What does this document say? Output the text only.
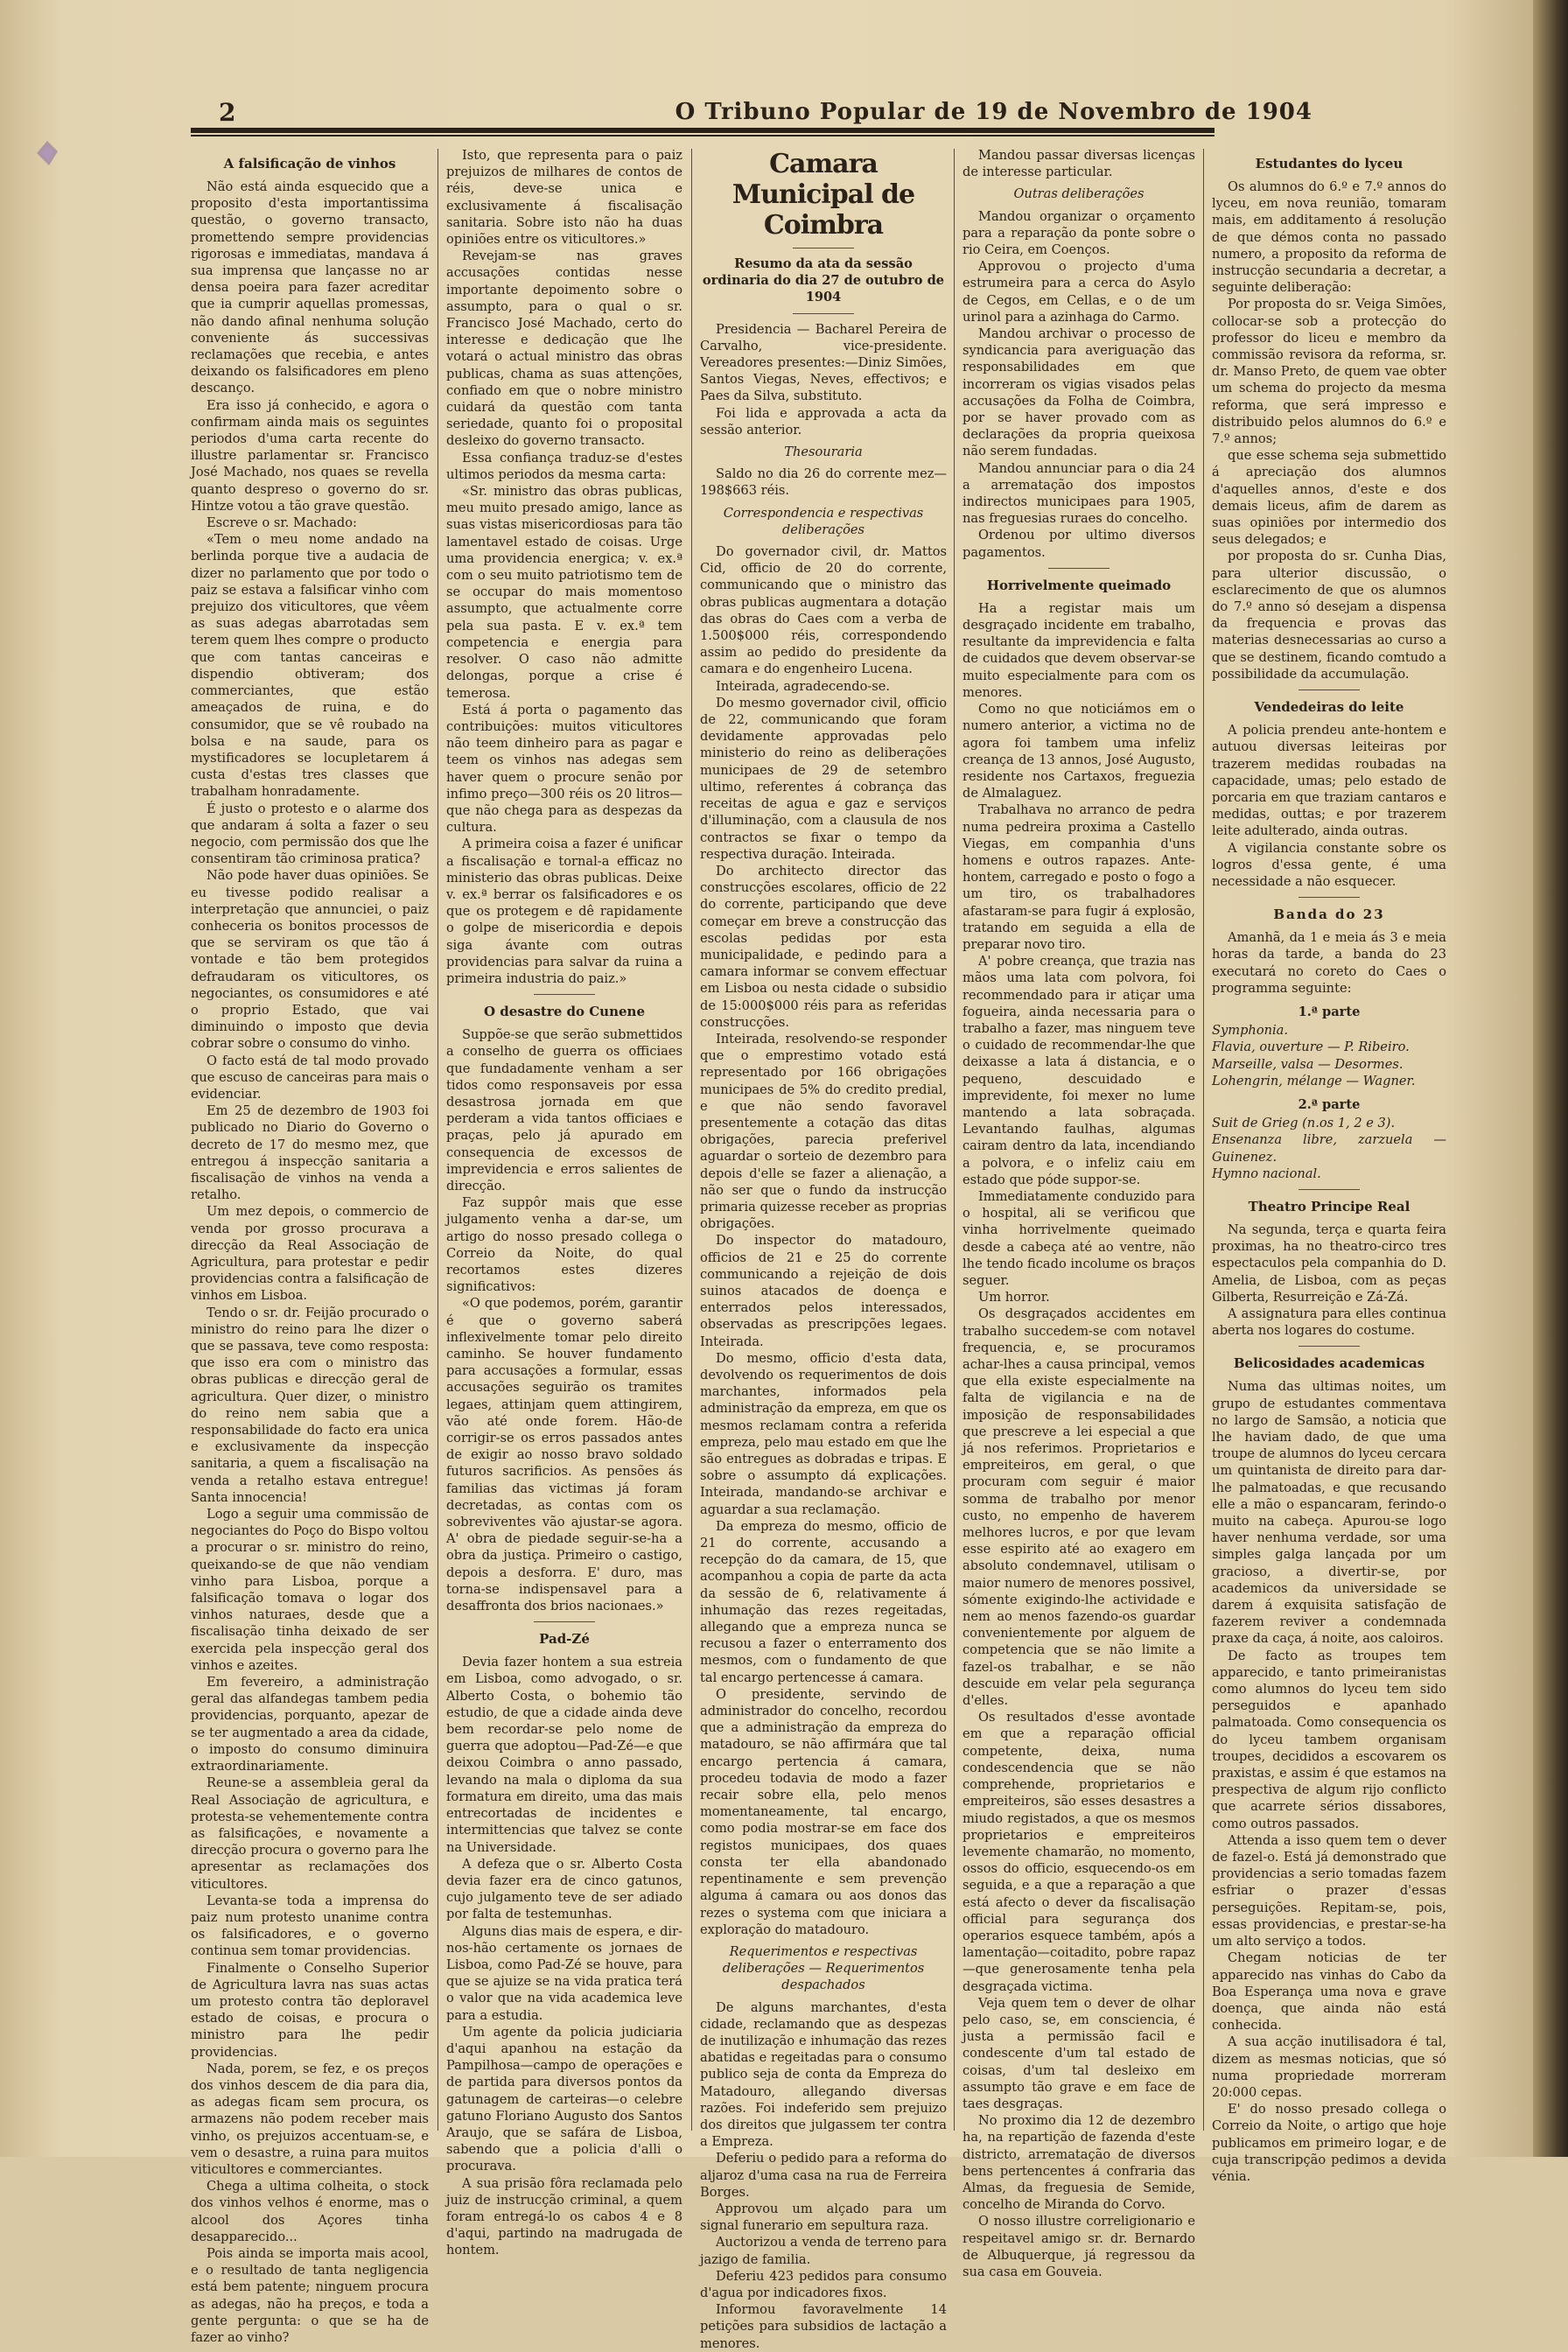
2	O Tribuno Popular de 19 de Novembro de 1904
A falsificação de vinhos

Não está ainda esquecido que a proposito d'esta importantissima questão, o governo transacto, promettendo sempre providencias rigorosas e immediatas, mandava á sua imprensa que lançasse no ar densa poeira para fazer acreditar que ia cumprir aquellas promessas, não dando afinal nenhuma solução conveniente ás successivas reclamações que recebia, e antes deixando os falsificadores em pleno descanço.

Era isso já conhecido, e agora o confirmam ainda mais os seguintes periodos d'uma carta recente do illustre parlamentar sr. Francisco José Machado, nos quaes se revella quanto despreso o governo do sr. Hintze votou a tão grave questão.

Escreve o sr. Machado:

«Tem o meu nome andado na berlinda porque tive a audacia de dizer no parlamento que por todo o paiz se estava a falsificar vinho com prejuizo dos viticultores, que vêem as suas adegas abarrotadas sem terem quem lhes compre o producto que com tantas canceiras e dispendio obtiveram; dos commerciantes, que estão ameaçados de ruina, e do consumidor, que se vê roubado na bolsa e na saude, para os mystificadores se locupletarem á custa d'estas tres classes que trabalham honradamente.

É justo o protesto e o alarme dos que andaram á solta a fazer o seu negocio, com permissão dos que lhe consentiram tão criminosa pratica?

Não pode haver duas opiniões. Se eu tivesse podido realisar a interpretação que annunciei, o paiz conheceria os bonitos processos de que se serviram os que tão á vontade e tão bem protegidos defraudaram os viticultores, os negociantes, os consumidores e até o proprio Estado, que vai diminuindo o imposto que devia cobrar sobre o consumo do vinho.

O facto está de tal modo provado que escuso de canceiras para mais o evidenciar.

Em 25 de dezembro de 1903 foi publicado no Diario do Governo o decreto de 17 do mesmo mez, que entregou á inspecção sanitaria a fiscalisação de vinhos na venda a retalho.

Um mez depois, o commercio de venda por grosso procurava a direcção da Real Associação de Agricultura, para protestar e pedir providencias contra a falsificação de vinhos em Lisboa.

Tendo o sr. dr. Feijão procurado o ministro do reino para lhe dizer o que se passava, teve como resposta: que isso era com o ministro das obras publicas e direcção geral de agricultura. Quer dizer, o ministro do reino nem sabia que a responsabilidade do facto era unica e exclusivamente da inspecção sanitaria, a quem a fiscalisação na venda a retalho estava entregue! Santa innocencia!

Logo a seguir uma commissão de negociantes do Poço do Bispo voltou a procurar o sr. ministro do reino, queixando-se de que não vendiam vinho para Lisboa, porque a falsificação tomava o logar dos vinhos naturaes, desde que a fiscalisação tinha deixado de ser exercida pela inspecção geral dos vinhos e azeites.

Em fevereiro, a administração geral das alfandegas tambem pedia providencias, porquanto, apezar de se ter augmentado a area da cidade, o imposto do consumo diminuira extraordinariamente.

Reune-se a assembleia geral da Real Associação de agricultura, e protesta-se vehementemente contra as falsificações, e novamente a direcção procura o governo para lhe apresentar as reclamações dos viticultores.

Levanta-se toda a imprensa do paiz num protesto unanime contra os falsificadores, e o governo continua sem tomar providencias.

Finalmente o Conselho Superior de Agricultura lavra nas suas actas um protesto contra tão deploravel estado de coisas, e procura o ministro para lhe pedir providencias.

Nada, porem, se fez, e os preços dos vinhos descem de dia para dia, as adegas ficam sem procura, os armazens não podem receber mais vinho, os prejuizos accentuam-se, e vem o desastre, a ruina para muitos viticultores e commerciantes.

Chega a ultima colheita, o stock dos vinhos velhos é enorme, mas o alcool dos Açores tinha desapparecido...

Pois ainda se importa mais acool, e o resultado de tanta negligencia está bem patente; ninguem procura as adegas, não ha preços, e toda a gente pergunta: o que se ha de fazer ao vinho?

Isto, que representa para o paiz prejuizos de milhares de contos de réis, deve-se unica e exclusivamente á fiscalisação sanitaria. Sobre isto não ha duas opiniões entre os viticultores.»

Revejam-se nas graves accusações contidas nesse importante depoimento sobre o assumpto, para o qual o sr. Francisco José Machado, certo do interesse e dedicação que lhe votará o actual ministro das obras publicas, chama as suas attenções, confiado em que o nobre ministro cuidará da questão com tanta seriedade, quanto foi o proposital desleixo do governo transacto.

Essa confiança traduz-se d'estes ultimos periodos da mesma carta:

«Sr. ministro das obras publicas, meu muito presado amigo, lance as suas vistas misericordiosas para tão lamentavel estado de coisas. Urge uma providencia energica; v. ex.ª com o seu muito patriotismo tem de se occupar do mais momentoso assumpto, que actualmente corre pela sua pasta. E v. ex.ª tem competencia e energia para resolver. O caso não admitte delongas, porque a crise é temerosa.

Está á porta o pagamento das contribuições: muitos viticultores não teem dinheiro para as pagar e teem os vinhos nas adegas sem haver quem o procure senão por infimo preço—300 réis os 20 litros—que não chega para as despezas da cultura.

A primeira coisa a fazer é unificar a fiscalisação e tornal-a efficaz no ministerio das obras publicas. Deixe v. ex.ª berrar os falsificadores e os que os protegem e dê rapidamente o golpe de misericordia e depois siga ávante com outras providencias para salvar da ruina a primeira industria do paiz.»

O desastre do Cunene

Suppõe-se que serão submettidos a conselho de guerra os officiaes que fundadamente venham a ser tidos como responsaveis por essa desastrosa jornada em que perderam a vida tantos officiaes e praças, pelo já apurado em consequencia de excessos de imprevidencia e erros salientes de direcção.

Faz suppôr mais que esse julgamento venha a dar-se, um artigo do nosso presado collega o Correio da Noite, do qual recortamos estes dizeres significativos:

«O que podemos, porém, garantir é que o governo saberá inflexivelmente tomar pelo direito caminho. Se houver fundamento para accusações a formular, essas accusações seguirão os tramites legaes, attinjam quem attingirem, vão até onde forem. Hão-de corrigir-se os erros passados antes de exigir ao nosso bravo soldado futuros sacrificios. As pensões ás familias das victimas já foram decretadas, as contas com os sobreviventes vão ajustar-se agora. A' obra de piedade seguir-se-ha a obra da justiça. Primeiro o castigo, depois a desforra. E' duro, mas torna-se indispensavel para a desaffronta dos brios nacionaes.»

Pad-Zé

Devia fazer hontem a sua estreia em Lisboa, como advogado, o sr. Alberto Costa, o bohemio tão estudio, de que a cidade ainda deve bem recordar-se pelo nome de guerra que adoptou—Pad-Zé—e que deixou Coimbra o anno passado, levando na mala o diploma da sua formatura em direito, uma das mais entrecortadas de incidentes e intermittencias que talvez se conte na Universidade.

A defeza que o sr. Alberto Costa devia fazer era de cinco gatunos, cujo julgamento teve de ser adiado por falta de testemunhas.

Alguns dias mais de espera, e dir-nos-hão certamente os jornaes de Lisboa, como Pad-Zé se houve, para que se ajuize se na vida pratica terá o valor que na vida academica leve para a estudia.

Um agente da policia judiciaria d'aqui apanhou na estação da Pampilhosa—campo de operações e de partida para diversos pontos da gatunagem de carteiras—o celebre gatuno Floriano Augusto dos Santos Araujo, que se safára de Lisboa, sabendo que a policia d'alli o procurava.

A sua prisão fôra reclamada pelo juiz de instrucção criminal, a quem foram entregá-lo os cabos 4 e 8 d'aqui, partindo na madrugada de hontem.

Camara Municipal de Coimbra
Resumo da ata da sessão ordinaria do dia 27 de outubro de 1904

Presidencia — Bacharel Pereira de Carvalho, vice-presidente. Vereadores presentes:—Diniz Simões, Santos Viegas, Neves, effectivos; e Paes da Silva, substituto.

Foi lida e approvada a acta da sessão anterior.

Thesouraria

Saldo no dia 26 do corrente mez—198$663 réis.

Correspondencia e respectivas deliberações

Do governador civil, dr. Mattos Cid, officio de 20 do corrente, communicando que o ministro das obras publicas augmentara a dotação das obras do Caes com a verba de 1.500$000 réis, correspondendo assim ao pedido do presidente da camara e do engenheiro Lucena.

Inteirada, agradecendo-se.

Do mesmo governador civil, officio de 22, communicando que foram devidamente approvadas pelo ministerio do reino as deliberações municipaes de 29 de setembro ultimo, referentes á cobrança das receitas de agua e gaz e serviços d'illuminação, com a clausula de nos contractos se fixar o tempo da respectiva duração. Inteirada.

Do architecto director das construcções escolares, officio de 22 do corrente, participando que deve começar em breve a construcção das escolas pedidas por esta municipalidade, e pedindo para a camara informar se convem effectuar em Lisboa ou nesta cidade o subsidio de 15:000$000 réis para as referidas construcções.

Inteirada, resolvendo-se responder que o emprestimo votado está representado por 166 obrigações municipaes de 5% do credito predial, e que não sendo favoravel presentemente a cotação das ditas obrigações, parecia preferivel aguardar o sorteio de dezembro para depois d'elle se fazer a alienação, a não ser que o fundo da instrucção primaria quizesse receber as proprias obrigações.

Do inspector do matadouro, officios de 21 e 25 do corrente communicando a rejeição de dois suinos atacados de doença e enterrados pelos interessados, observadas as prescripções legaes. Inteirada.

Do mesmo, officio d'esta data, devolvendo os requerimentos de dois marchantes, informados pela administração da empreza, em que os mesmos reclamam contra a referida empreza, pelo mau estado em que lhe são entregues as dobradas e tripas. E sobre o assumpto dá explicações. Inteirada, mandando-se archivar e aguardar a sua reclamação.

Da empreza do mesmo, officio de 21 do corrente, accusando a recepção do da camara, de 15, que acompanhou a copia de parte da acta da sessão de 6, relativamente á inhumação das rezes regeitadas, allegando que a empreza nunca se recusou a fazer o enterramento dos mesmos, com o fundamento de que tal encargo pertencesse á camara.

O presidente, servindo de administrador do concelho, recordou que a administração da empreza do matadouro, se não affirmára que tal encargo pertencia á camara, procedeu todavia de modo a fazer recair sobre ella, pelo menos momentaneamente, tal encargo, como podia mostrar-se em face dos registos municipaes, dos quaes consta ter ella abandonado repentinamente e sem prevenção alguma á camara ou aos donos das rezes o systema com que iniciara a exploração do matadouro.

Requerimentos e respectivas deliberações — Requerimentos despachados

De alguns marchantes, d'esta cidade, reclamando que as despezas de inutilização e inhumação das rezes abatidas e regeitadas para o consumo publico seja de conta da Empreza do Matadouro, allegando diversas razões. Foi indeferido sem prejuizo dos direitos que julgassem ter contra a Empreza.

Deferiu o pedido para a reforma do aljaroz d'uma casa na rua de Ferreira Borges.

Approvou um alçado para um signal funerario em sepultura raza.

Auctorizou a venda de terreno para jazigo de familia.

Deferiu 423 pedidos para consumo d'agua por indicadores fixos.

Informou favoravelmente 14 petições para subsidios de lactação a menores.

Mandou passar diversas licenças de interesse particular.

Outras deliberações

Mandou organizar o orçamento para a reparação da ponte sobre o rio Ceira, em Coenços.

Approvou o projecto d'uma estrumeira para a cerca do Asylo de Cegos, em Cellas, e o de um urinol para a azinhaga do Carmo.

Mandou archivar o processo de syndicancia para averiguação das responsabilidades em que incorreram os vigias visados pelas accusações da Folha de Coimbra, por se haver provado com as declarações da propria queixosa não serem fundadas.

Mandou annunciar para o dia 24 a arrematação dos impostos indirectos municipaes para 1905, nas freguesias ruraes do concelho.

Ordenou por ultimo diversos pagamentos.

Horrivelmente queimado

Ha a registar mais um desgraçado incidente em trabalho, resultante da imprevidencia e falta de cuidados que devem observar-se muito especialmente para com os menores.

Como no que noticiámos em o numero anterior, a victima no de agora foi tambem uma infeliz creança de 13 annos, José Augusto, residente nos Cartaxos, freguezia de Almalaguez.

Trabalhava no arranco de pedra numa pedreira proxima a Castello Viegas, em companhia d'uns homens e outros rapazes. Ante-hontem, carregado e posto o fogo a um tiro, os trabalhadores afastaram-se para fugir á explosão, tratando em seguida a ella de preparar novo tiro.

A' pobre creança, que trazia nas mãos uma lata com polvora, foi recommendado para ir atiçar uma fogueira, ainda necessaria para o trabalho a fazer, mas ninguem teve o cuidado de recommendar-lhe que deixasse a lata á distancia, e o pequeno, descuidado e imprevidente, foi mexer no lume mantendo a lata sobraçada. Levantando faulhas, algumas cairam dentro da lata, incendiando a polvora, e o infeliz caiu em estado que póde suppor-se.

Immediatamente conduzido para o hospital, ali se verificou que vinha horrivelmente queimado desde a cabeça até ao ventre, não lhe tendo ficado incolume os braços seguer.

Um horror.

Os desgraçados accidentes em trabalho succedem-se com notavel frequencia, e, se procuramos achar-lhes a causa principal, vemos que ella existe especialmente na falta de vigilancia e na de imposição de responsabilidades que prescreve a lei especial a que já nos referimos. Proprietarios e empreiteiros, em geral, o que procuram com seguir é maior somma de trabalho por menor custo, no empenho de haverem melhores lucros, e por que levam esse espirito até ao exagero em absoluto condemnavel, utilisam o maior numero de menores possivel, sómente exigindo-lhe actividade e nem ao menos fazendo-os guardar convenientemente por alguem de competencia que se não limite a fazel-os trabalhar, e se não descuide em velar pela segurança d'elles.

Os resultados d'esse avontade em que a reparação official competente, deixa, numa condescendencia que se não comprehende, proprietarios e empreiteiros, são esses desastres a miudo registados, a que os mesmos proprietarios e empreiteiros levemente chamarão, no momento, ossos do officio, esquecendo-os em seguida, e a que a reparação a que está afecto o dever da fiscalisação official para segurança dos operarios esquece também, após a lamentação—coitadito, pobre rapaz—que generosamente tenha pela desgraçada victima.

Veja quem tem o dever de olhar pelo caso, se, em consciencia, é justa a permissão facil e condescente d'um tal estado de coisas, d'um tal desleixo em assumpto tão grave e em face de taes desgraças.

No proximo dia 12 de dezembro ha, na repartição de fazenda d'este districto, arrematação de diversos bens pertencentes á confraria das Almas, da freguesia de Semide, concelho de Miranda do Corvo.

O nosso illustre correligionario e respeitavel amigo sr. dr. Bernardo de Albuquerque, já regressou da sua casa em Gouveia.

Estudantes do lyceu

Os alumnos do 6.º e 7.º annos do lyceu, em nova reunião, tomaram mais, em additamento á resolução de que démos conta no passado numero, a proposito da reforma de instrucção secundaria a decretar, a seguinte deliberação:

Por proposta do sr. Veiga Simões, collocar-se sob a protecção do professor do liceu e membro da commissão revisora da reforma, sr. dr. Manso Preto, de quem vae obter um schema do projecto da mesma reforma, que será impresso e distribuido pelos alumnos do 6.º e 7.º annos;

que esse schema seja submettido á apreciação dos alumnos d'aquelles annos, d'este e dos demais liceus, afim de darem as suas opiniões por intermedio dos seus delegados; e

por proposta do sr. Cunha Dias, para ulterior discussão, o esclarecimento de que os alumnos do 7.º anno só desejam a dispensa da frequencia e provas das materias desnecessarias ao curso a que se destinem, ficando comtudo a possibilidade da accumulação.

Vendedeiras do leite

A policia prendeu ante-hontem e autuou diversas leiteiras por trazerem medidas roubadas na capacidade, umas; pelo estado de porcaria em que traziam cantaros e medidas, outtas; e por trazerem leite adulterado, ainda outras.

A vigilancia constante sobre os logros d'essa gente, é uma necessidade a não esquecer.

Banda do 23

Amanhã, da 1 e meia ás 3 e meia horas da tarde, a banda do 23 executará no coreto do Caes o programma seguinte:

1.ª parte

Symphonia.

Flavia, ouverture — P. Ribeiro.

Marseille, valsa — Desormes.

Lohengrin, mélange — Wagner.

2.ª parte

Suit de Grieg (n.os 1, 2 e 3).

Ensenanza libre, zarzuela — Guinenez.

Hymno nacional.

Theatro Principe Real

Na segunda, terça e quarta feira proximas, ha no theatro-circo tres espectaculos pela companhia do D. Amelia, de Lisboa, com as peças Gilberta, Resurreição e Zá-Zá.

A assignatura para elles continua aberta nos logares do costume.

Belicosidades academicas

Numa das ultimas noites, um grupo de estudantes commentava no largo de Samsão, a noticia que lhe haviam dado, de que uma troupe de alumnos do lyceu cercara um quintanista de direito para dar-lhe palmatoadas, e que recusando elle a mão o espancaram, ferindo-o muito na cabeça. Apurou-se logo haver nenhuma verdade, sor uma simples galga lançada por um gracioso, a divertir-se, por academicos da universidade se darem á exquisita satisfação de fazerem reviver a condemnada praxe da caça, á noite, aos caloiros.

De facto as troupes tem apparecido, e tanto primeiranistas como alumnos do lyceu tem sido perseguidos e apanhado palmatoada. Como consequencia os do lyceu tambem organisam troupes, decididos a escovarem os praxistas, e assim é que estamos na prespectiva de algum rijo conflicto que acarrete sérios dissabores, como outros passados.

Attenda a isso quem tem o dever de fazel-o. Está já demonstrado que providencias a serio tomadas fazem esfriar o prazer d'essas perseguições. Repitam-se, pois, essas providencias, e prestar-se-ha um alto serviço a todos.

Chegam noticias de ter apparecido nas vinhas do Cabo da Boa Esperança uma nova e grave doença, que ainda não está conhecida.

A sua acção inutilisadora é tal, dizem as mesmas noticias, que só numa propriedade morreram 20:000 cepas.

E' do nosso presado collega o Correio da Noite, o artigo que hoje publicamos em primeiro logar, e de cuja transcripção pedimos a devida vénia.
